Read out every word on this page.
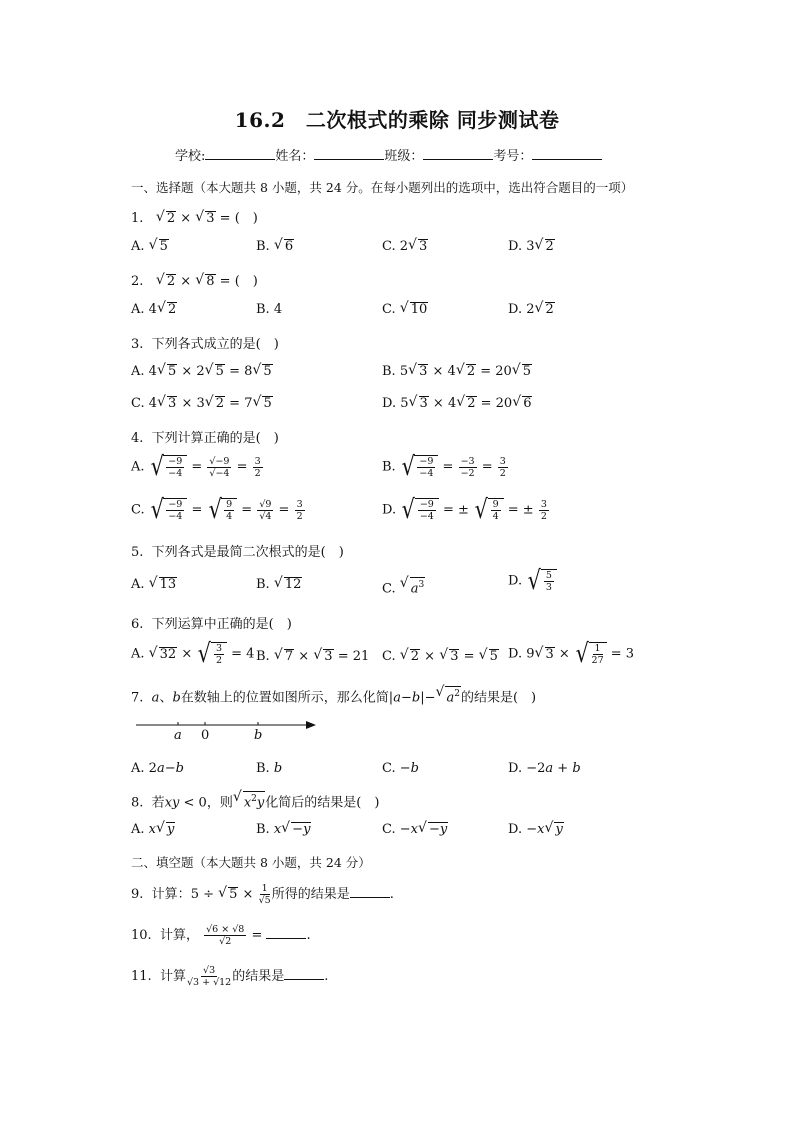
16.2　二次根式的乘除 同步测试卷
学校:	姓名：	班级：	考号：
一、选择题（本大题共 8 小题，共 24 分。在每小题列出的选项中，选出符合题目的一项）
1. √ 2 × √ 3 = (　)
A. √ 5	B. √ 6	C. 2 √ 3	D. 3 √ 2
2. √ 2 × √ 8 = (　)
A. 4 √ 2	B. 4	C. √ 10	D. 2 √ 2
3. 下列各式成立的是(　)
A. 4 √ 5 × 2 √ 5 = 8 √ 5	B. 5 √ 3 × 4 √ 2 = 20 √ 5
C. 4 √ 3 × 3 √ 2 = 7 √ 5	D. 5 √ 3 × 4 √ 2 = 20 √ 6
4. 下列计算正确的是(　)
A. √ $\frac{-9}{-4} = \frac{√-9}{√-4} = \frac{3}{2}$	B. √ $\frac{-9}{-4} = \frac{-3}{-2} = \frac{3}{2}$
C. √ $\frac{-9}{-4}$ = √ $\frac{9}{4} = \frac{√9}{√4} = \frac{3}{2}$	D. √ $\frac{-9}{-4}$ = ± √ $\frac{9}{4}$ = ± $\frac{3}{2}$
5. 下列各式是最简二次根式的是(　)
A. √ 13	B. √ 12	C. √ $a^3$	D. √ $\frac{5}{3}$
6. 下列运算中正确的是(　)
A. √ 32 × √ $\frac{3}{2} = 4$ B. √ 7 × √ 3 = 21 C. √ 2 × √ 3 = √ 5 D. 9 √ 3 × √ $\frac{1}{27} = 3$
7. a、b在数轴上的位置如图所示，那么化简|a−b|− √ $a^2$的结果是(　)
a 0	b
A. 2a−b	B. b	C. −b	D. −2a + b
8. 若xy < 0，则 √ $x^2y$化简后的结果是(　)
A. x √ y	B. x √ −y	C. −x √ −y	D. −x √ y
二、填空题（本大题共 8 小题，共 24 分）
9. 计算：5 ÷ √ $5 \times \frac{1}{√5}$ 所得的结果是	.
10. 计算， $\frac{√6 \times √8}{√2}$ =	.
11. 计算 $\frac{√3}{√3 + √12}$ 的结果是	.
